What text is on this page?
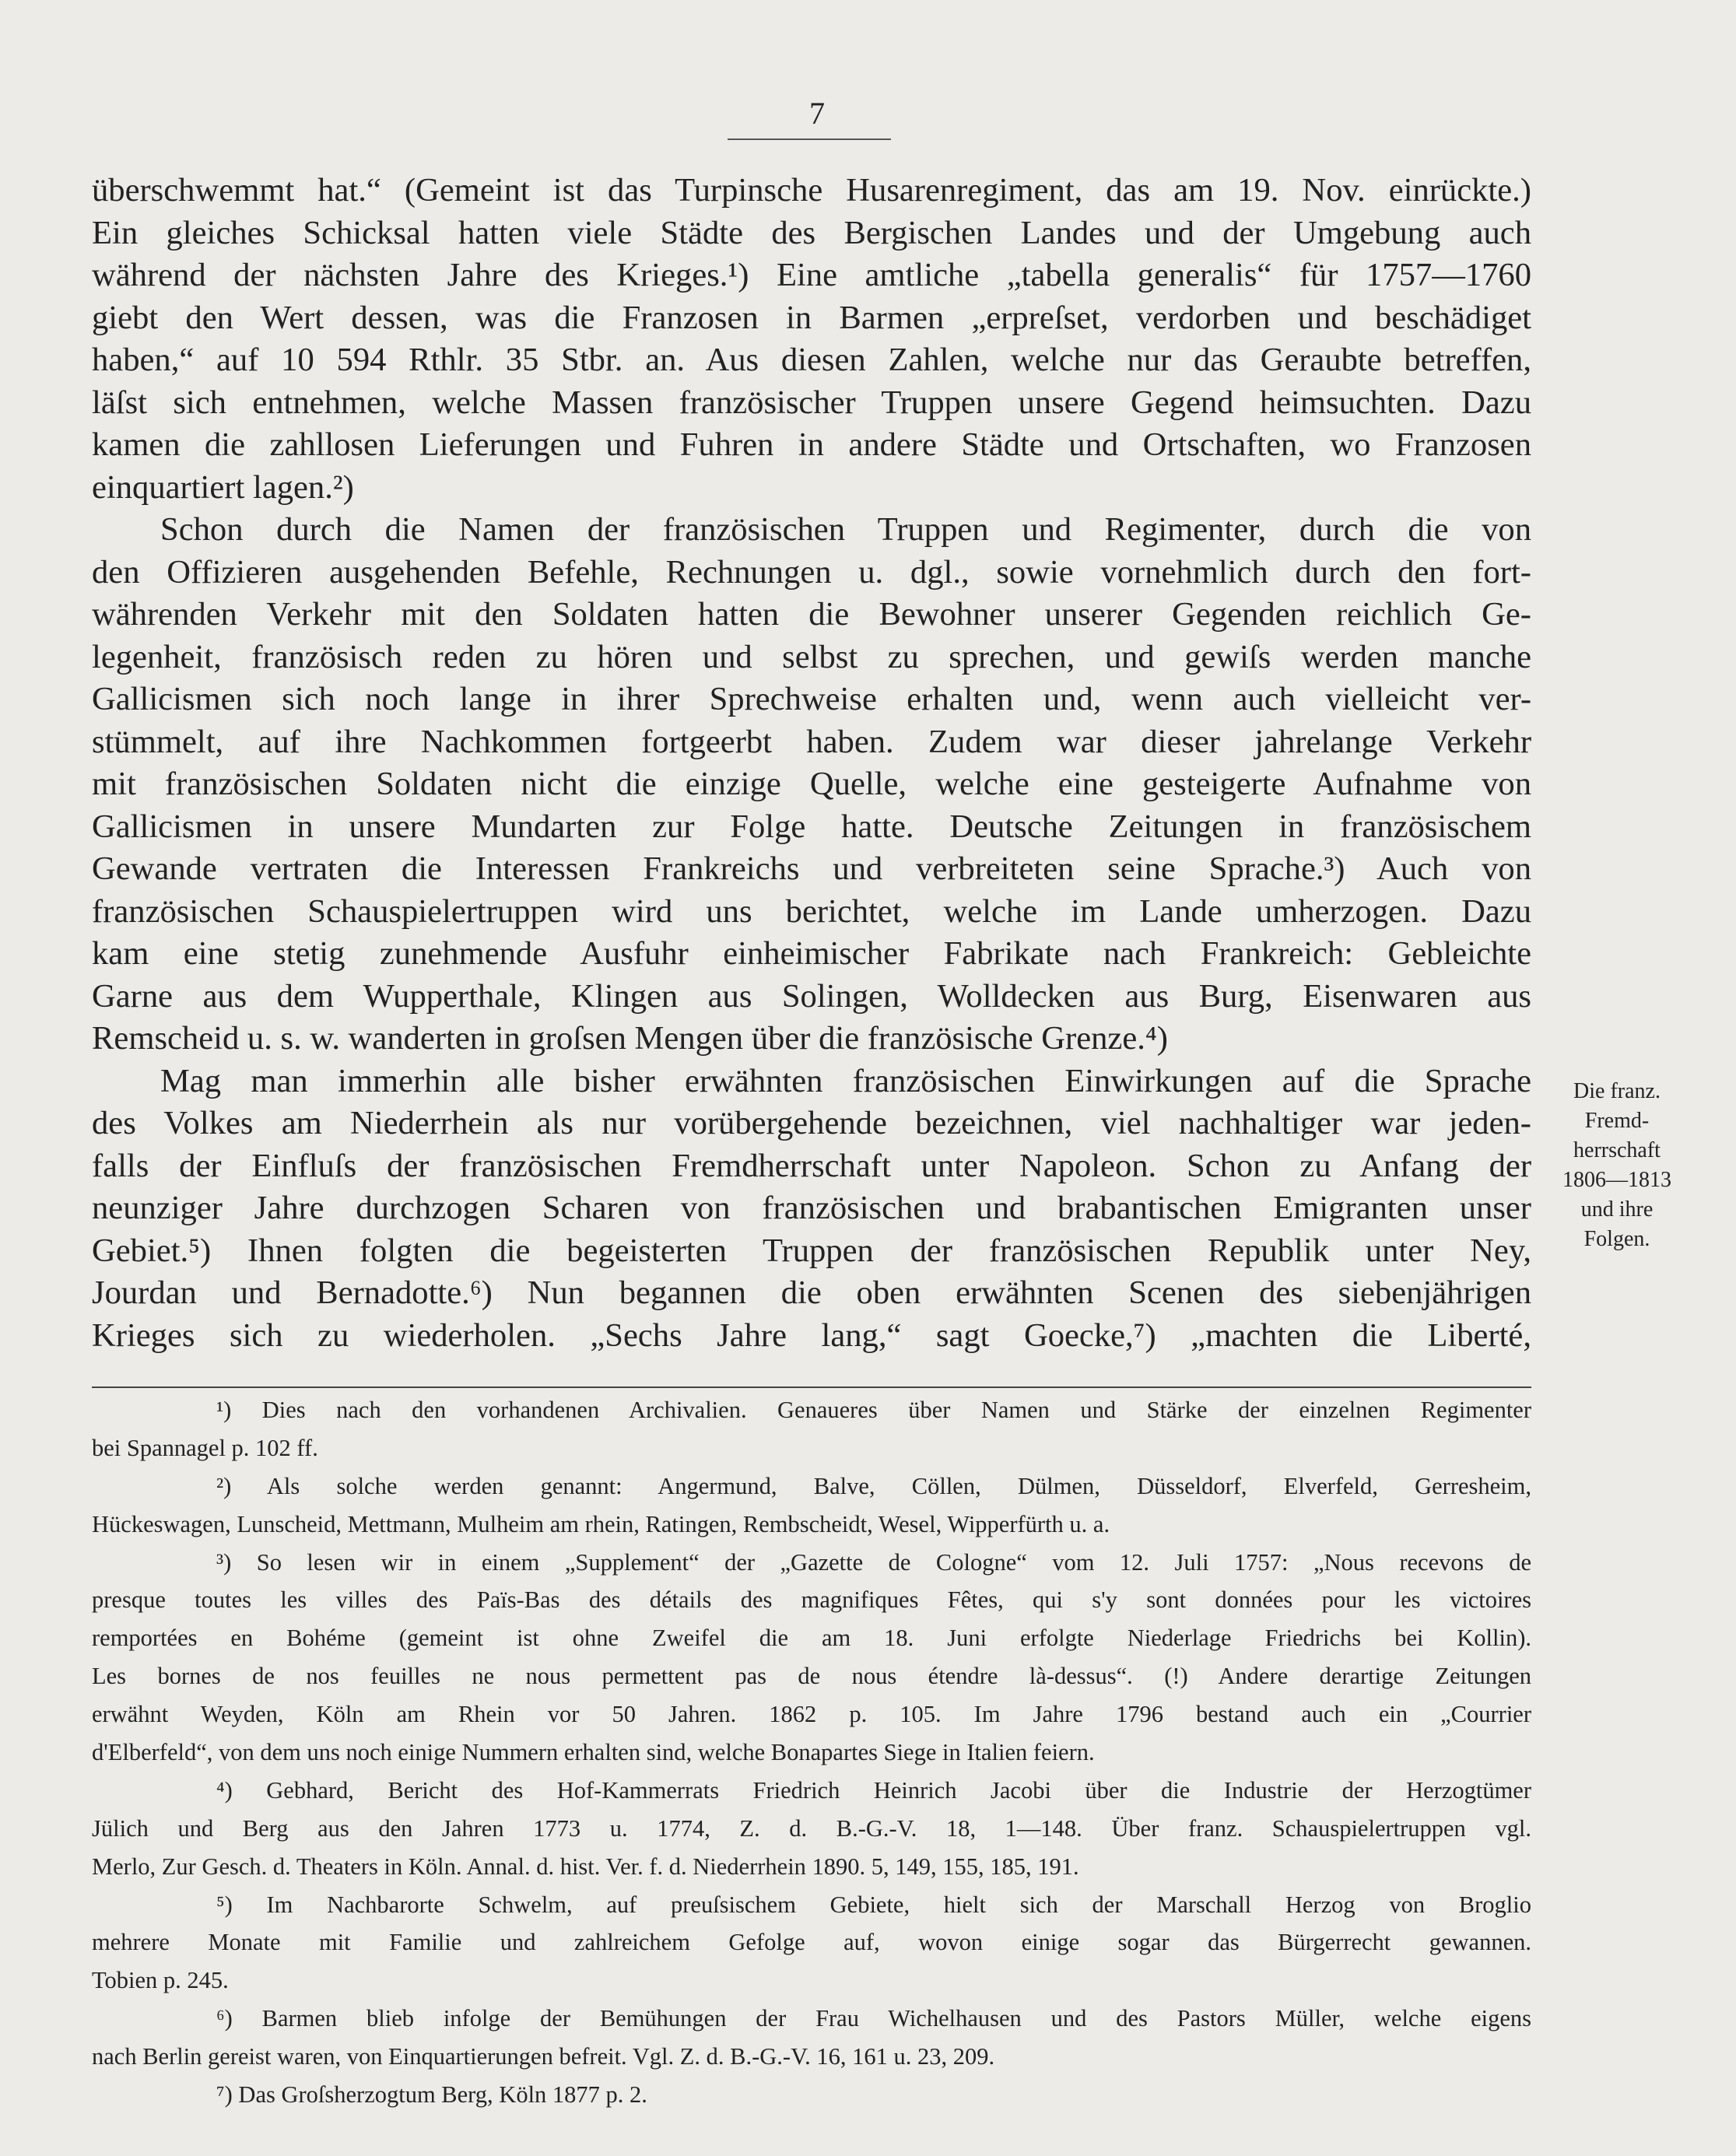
7
überschwemmt hat.“ (Gemeint ist das Turpinsche Husarenregiment, das am 19. Nov. einrückte.)
Ein gleiches Schicksal hatten viele Städte des Bergischen Landes und der Umgebung auch
während der nächsten Jahre des Krieges.¹) Eine amtliche „tabella generalis“ für 1757—1760
giebt den Wert dessen, was die Franzosen in Barmen „erpreſset, verdorben und beschädiget
haben,“ auf 10 594 Rthlr. 35 Stbr. an. Aus diesen Zahlen, welche nur das Geraubte betreffen,
läſst sich entnehmen, welche Massen französischer Truppen unsere Gegend heimsuchten. Dazu
kamen die zahllosen Lieferungen und Fuhren in andere Städte und Ortschaften, wo Franzosen
einquartiert lagen.²)
Schon durch die Namen der französischen Truppen und Regimenter, durch die von
den Offizieren ausgehenden Befehle, Rechnungen u. dgl., sowie vornehmlich durch den fort-
währenden Verkehr mit den Soldaten hatten die Bewohner unserer Gegenden reichlich Ge-
legenheit, französisch reden zu hören und selbst zu sprechen, und gewiſs werden manche
Gallicismen sich noch lange in ihrer Sprechweise erhalten und, wenn auch vielleicht ver-
stümmelt, auf ihre Nachkommen fortgeerbt haben. Zudem war dieser jahrelange Verkehr
mit französischen Soldaten nicht die einzige Quelle, welche eine gesteigerte Aufnahme von
Gallicismen in unsere Mundarten zur Folge hatte. Deutsche Zeitungen in französischem
Gewande vertraten die Interessen Frankreichs und verbreiteten seine Sprache.³) Auch von
französischen Schauspielertruppen wird uns berichtet, welche im Lande umherzogen. Dazu
kam eine stetig zunehmende Ausfuhr einheimischer Fabrikate nach Frankreich: Gebleichte
Garne aus dem Wupperthale, Klingen aus Solingen, Wolldecken aus Burg, Eisenwaren aus
Remscheid u. s. w. wanderten in groſsen Mengen über die französische Grenze.⁴)
Mag man immerhin alle bisher erwähnten französischen Einwirkungen auf die Sprache
des Volkes am Niederrhein als nur vorübergehende bezeichnen, viel nachhaltiger war jeden-
falls der Einfluſs der französischen Fremdherrschaft unter Napoleon. Schon zu Anfang der
neunziger Jahre durchzogen Scharen von französischen und brabantischen Emigranten unser
Gebiet.⁵) Ihnen folgten die begeisterten Truppen der französischen Republik unter Ney,
Jourdan und Bernadotte.⁶) Nun begannen die oben erwähnten Scenen des siebenjährigen
Krieges sich zu wiederholen. „Sechs Jahre lang,“ sagt Goecke,⁷) „machten die Liberté,
Die franz.
Fremd-
herrschaft
1806—1813
und ihre
Folgen.
¹) Dies nach den vorhandenen Archivalien. Genaueres über Namen und Stärke der einzelnen Regimenter
bei Spannagel p. 102 ff.
²) Als solche werden genannt: Angermund, Balve, Cöllen, Dülmen, Düsseldorf, Elverfeld, Gerresheim,
Hückeswagen, Lunscheid, Mettmann, Mulheim am rhein, Ratingen, Rembscheidt, Wesel, Wipperfürth u. a.
³) So lesen wir in einem „Supplement“ der „Gazette de Cologne“ vom 12. Juli 1757: „Nous recevons de
presque toutes les villes des Païs-Bas des détails des magnifiques Fêtes, qui s'y sont données pour les victoires
remportées en Bohéme (gemeint ist ohne Zweifel die am 18. Juni erfolgte Niederlage Friedrichs bei Kollin).
Les bornes de nos feuilles ne nous permettent pas de nous étendre là-dessus“. (!) Andere derartige Zeitungen
erwähnt Weyden, Köln am Rhein vor 50 Jahren. 1862 p. 105. Im Jahre 1796 bestand auch ein „Courrier
d'Elberfeld“, von dem uns noch einige Nummern erhalten sind, welche Bonapartes Siege in Italien feiern.
⁴) Gebhard, Bericht des Hof-Kammerrats Friedrich Heinrich Jacobi über die Industrie der Herzogtümer
Jülich und Berg aus den Jahren 1773 u. 1774, Z. d. B.-G.-V. 18, 1—148. Über franz. Schauspielertruppen vgl.
Merlo, Zur Gesch. d. Theaters in Köln. Annal. d. hist. Ver. f. d. Niederrhein 1890. 5, 149, 155, 185, 191.
⁵) Im Nachbarorte Schwelm, auf preuſsischem Gebiete, hielt sich der Marschall Herzog von Broglio
mehrere Monate mit Familie und zahlreichem Gefolge auf, wovon einige sogar das Bürgerrecht gewannen.
Tobien p. 245.
⁶) Barmen blieb infolge der Bemühungen der Frau Wichelhausen und des Pastors Müller, welche eigens
nach Berlin gereist waren, von Einquartierungen befreit. Vgl. Z. d. B.-G.-V. 16, 161 u. 23, 209.
⁷) Das Groſsherzogtum Berg, Köln 1877 p. 2.
